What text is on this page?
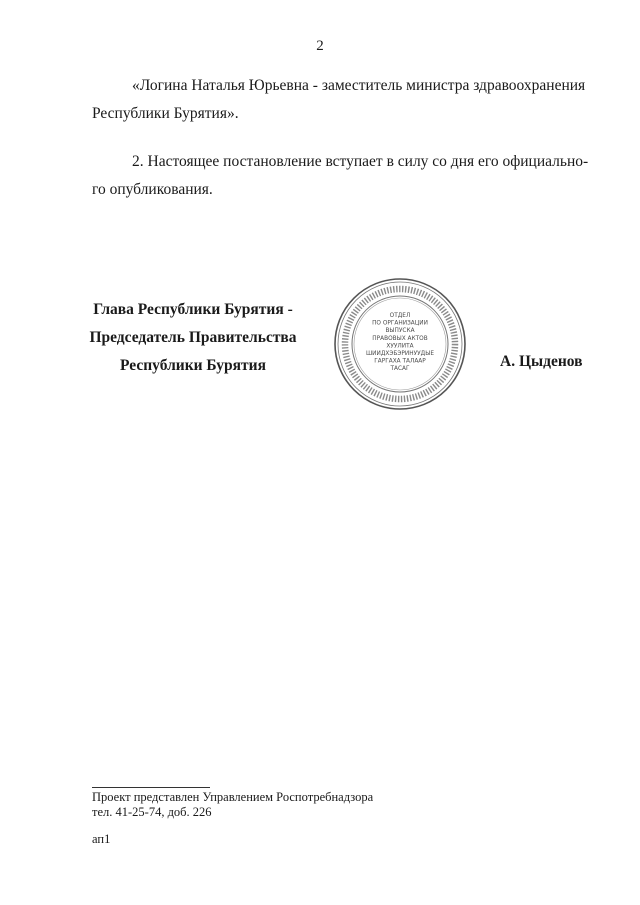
2
«Логина Наталья Юрьевна - заместитель министра здравоохранения
Республики Бурятия».
2. Настоящее постановление вступает в силу со дня его официально-
го опубликования.
Глава Республики Бурятия -
Председатель Правительства
Республики Бурятия
ОТДЕЛ
ПО ОРГАНИЗАЦИИ
ВЫПУСКА
ПРАВОВЫХ АКТОВ
ХУУЛИТА
ШИИДХЭБЭРИНУУДЫЕ
ГАРГАХА ТАЛААР
ТАСАГ	А. Цыденов
Проект представлен Управлением Роспотребнадзора
тел. 41-25-74, доб. 226
ап1
